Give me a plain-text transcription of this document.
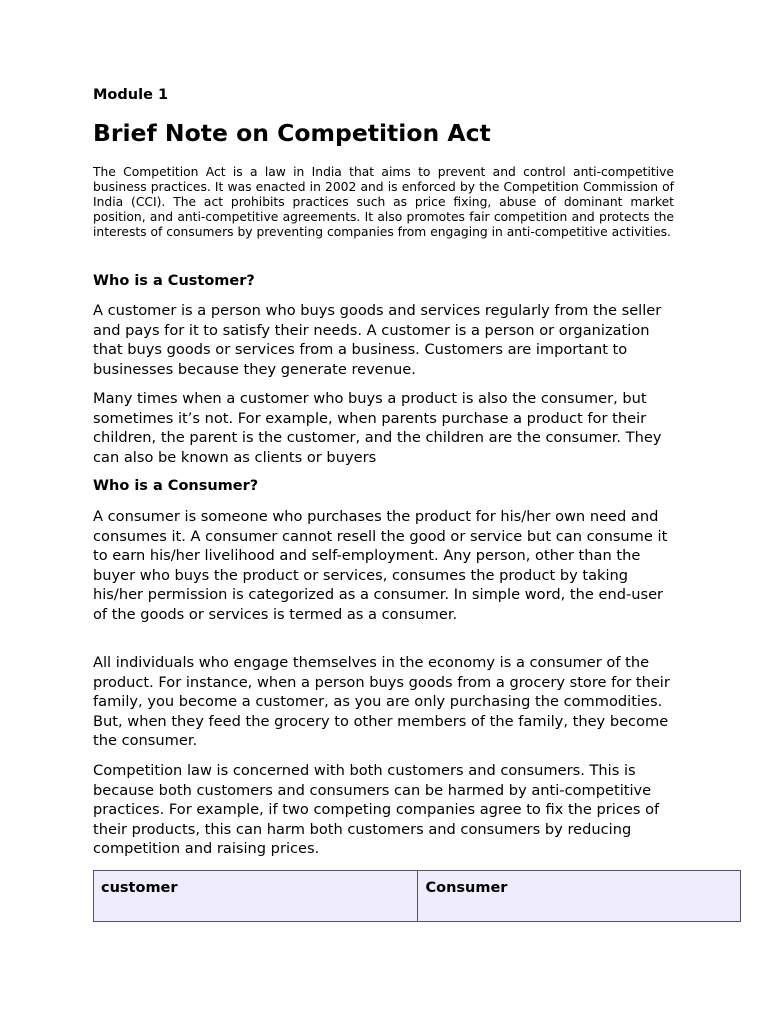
Module 1

Brief Note on Competition Act

The Competition Act is a law in India that aims to prevent and control anti-competitive business practices. It was enacted in 2002 and is enforced by the Competition Commission of India (CCI). The act prohibits practices such as price fixing, abuse of dominant market position, and anti-competitive agreements. It also promotes fair competition and protects the interests of consumers by preventing companies from engaging in anti-competitive activities.

Who is a Customer?

A customer is a person who buys goods and services regularly from the seller and pays for it to satisfy their needs. A customer is a person or organization that buys goods or services from a business. Customers are important to businesses because they generate revenue.

Many times when a customer who buys a product is also the consumer, but sometimes it’s not. For example, when parents purchase a product for their children, the parent is the customer, and the children are the consumer. They can also be known as clients or buyers

Who is a Consumer?

A consumer is someone who purchases the product for his/her own need and consumes it. A consumer cannot resell the good or service but can consume it to earn his/her livelihood and self-employment. Any person, other than the buyer who buys the product or services, consumes the product by taking his/her permission is categorized as a consumer. In simple word, the end-user of the goods or services is termed as a consumer.

All individuals who engage themselves in the economy is a consumer of the product. For instance, when a person buys goods from a grocery store for their family, you become a customer, as you are only purchasing the commodities. But, when they feed the grocery to other members of the family, they become the consumer.

Competition law is concerned with both customers and consumers. This is because both customers and consumers can be harmed by anti-competitive practices. For example, if two competing companies agree to fix the prices of their products, this can harm both customers and consumers by reducing competition and raising prices.

customer	Consumer
